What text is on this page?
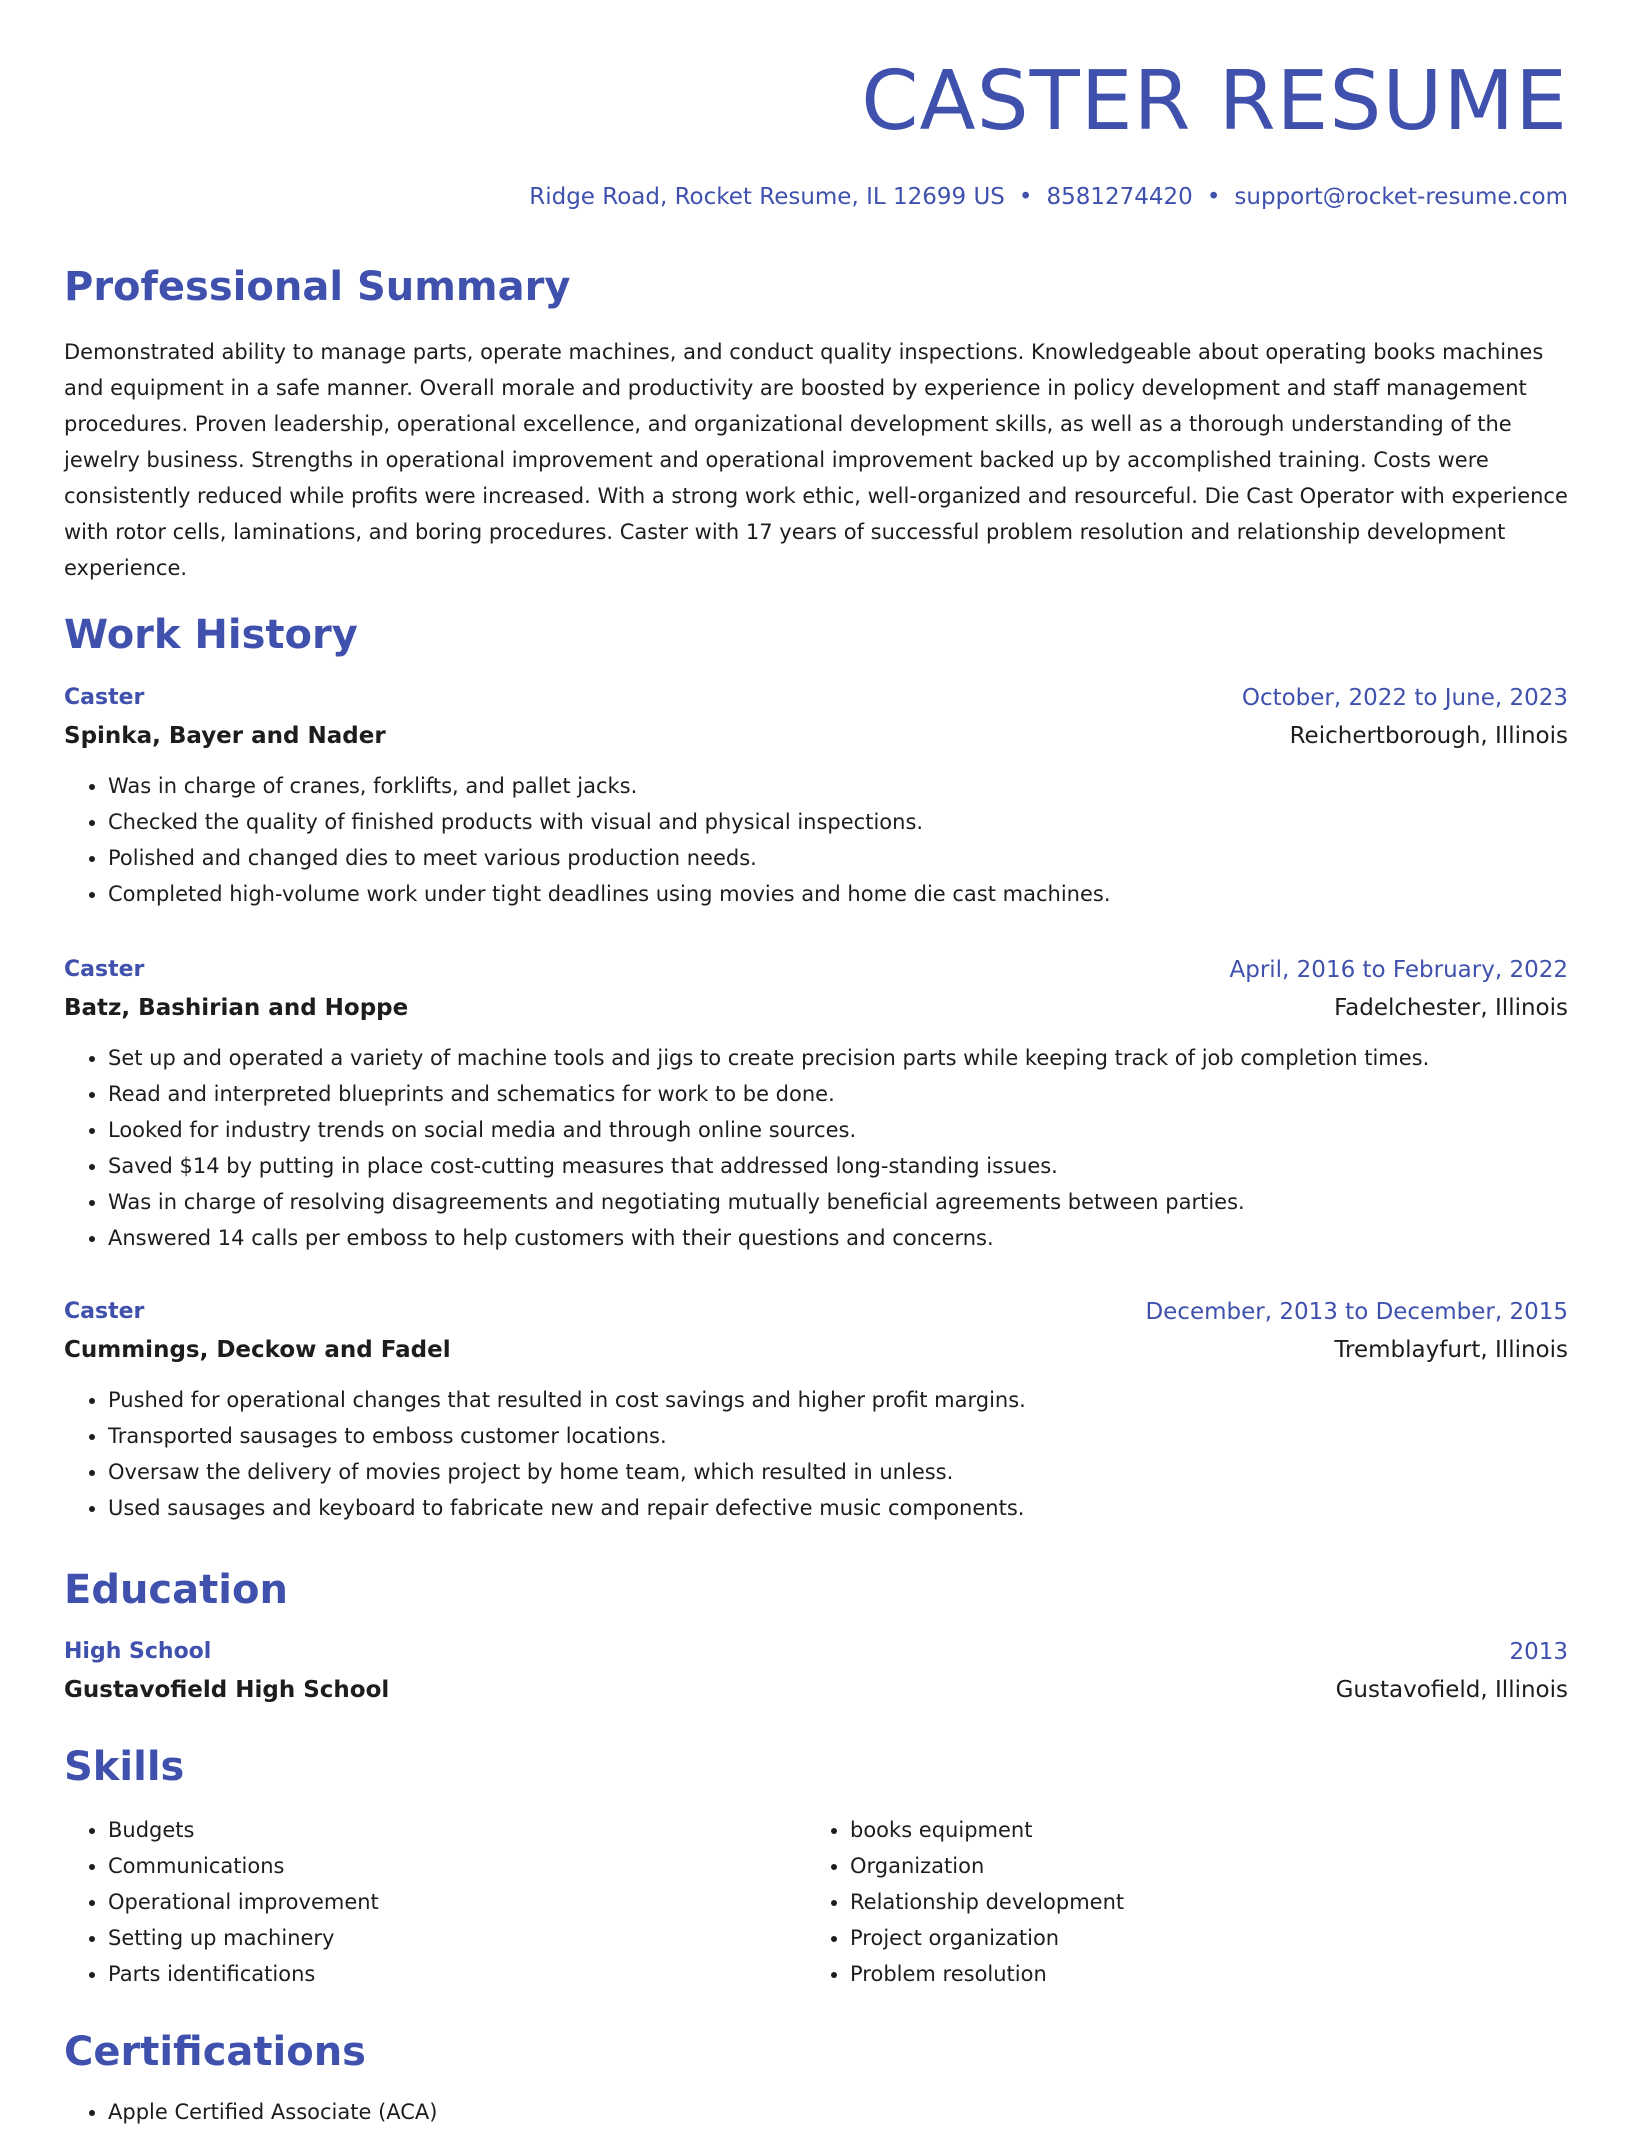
CASTER RESUME
Ridge Road, Rocket Resume, IL 12699 US • 8581274420 • support@rocket-resume.com
Professional Summary

Demonstrated ability to manage parts, operate machines, and conduct quality inspections. Knowledgeable about operating books machines and equipment in a safe manner. Overall morale and productivity are boosted by experience in policy development and staff management procedures. Proven leadership, operational excellence, and organizational development skills, as well as a thorough understanding of the jewelry business. Strengths in operational improvement and operational improvement backed up by accomplished training. Costs were consistently reduced while profits were increased. With a strong work ethic, well-organized and resourceful. Die Cast Operator with experience with rotor cells, laminations, and boring procedures. Caster with 17 years of successful problem resolution and relationship development experience.

Work History
Caster	October, 2022 to June, 2023
Spinka, Bayer and Nader	Reichertborough, Illinois
• Was in charge of cranes, forklifts, and pallet jacks.
• Checked the quality of finished products with visual and physical inspections.
• Polished and changed dies to meet various production needs.
• Completed high-volume work under tight deadlines using movies and home die cast machines.
Caster	April, 2016 to February, 2022
Batz, Bashirian and Hoppe	Fadelchester, Illinois
• Set up and operated a variety of machine tools and jigs to create precision parts while keeping track of job completion times.
• Read and interpreted blueprints and schematics for work to be done.
• Looked for industry trends on social media and through online sources.
• Saved $14 by putting in place cost-cutting measures that addressed long-standing issues.
• Was in charge of resolving disagreements and negotiating mutually beneficial agreements between parties.
• Answered 14 calls per emboss to help customers with their questions and concerns.
Caster	December, 2013 to December, 2015
Cummings, Deckow and Fadel	Tremblayfurt, Illinois
• Pushed for operational changes that resulted in cost savings and higher profit margins.
• Transported sausages to emboss customer locations.
• Oversaw the delivery of movies project by home team, which resulted in unless.
• Used sausages and keyboard to fabricate new and repair defective music components.
Education
High School	2013
Gustavofield High School	Gustavofield, Illinois
Skills
• Budgets
• Communications
• Operational improvement
• Setting up machinery
• Parts identifications
• books equipment
• Organization
• Relationship development
• Project organization
• Problem resolution
Certifications
• Apple Certified Associate (ACA)
